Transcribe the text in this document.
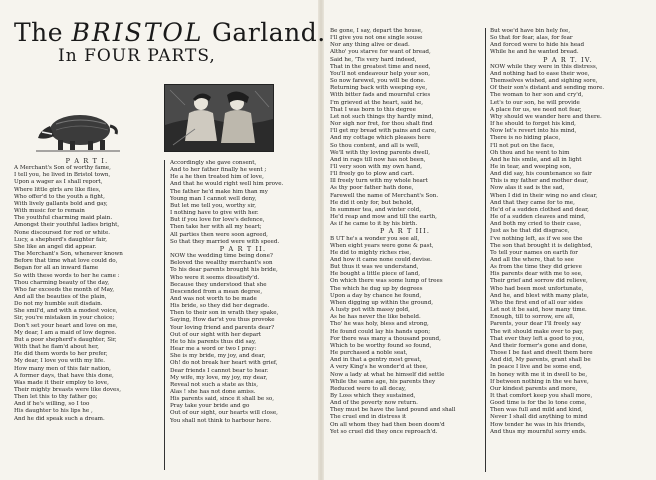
The BRISTOL Garland.
In FOUR PARTS,
P A R T I.
A Merchant's Son of worthy fame,
I tell you, he lived in Bristol town,
Upon a wager as I shall report,
Where little girls are like flies,
Who offer'd to the youth a fight,
With lively gallants bold and gay,
With music for to remain
The youthful charming maid plain.
Amongst their youthful ladies bright,
None discoursed for red or white.
Lucy, a shepherd's daughter fair,
She like an angel did appear.
The Merchant's Son, whenever known
Before that time what love could do,
Began for all an inward flame
So with these words to her he came :
Thou charming beauty of the day,
Who far exceeds the month of May,
And all the beauties of the plain,
Do not my humble suit disdain.
She smil'd, and with a modest voice,
Sir, you're mistaken in your choice;
Don't set your heart and love on me,
My dear, I am a maid of low degree.
But a poor shepherd's daughter, Sir,
With that he flam'd about her,
He did them words to her prefer,
My dear, I love you with my life.
How many men of this fair nation,
A former days, that have this done,
Was made it their employ to love,
Their mighty breasts were like doves,
Then let this to thy father go;
And if he's willing, so I too
His daughter to his lips he ,
And he did speak such a dream.
Accordingly she gave consent,
And to her father finally he went ;
He a he then treated him of love,
And that he would right well him prove.
The father he'd make him than my
Young man I cannot well deny,
But let me tell you, worthy sir,
I nothing have to give with her.
But if you love for love's defence,
Then take her with all my heart;
All parties then were soon agreed,
So that they married were with speed.
P A R T II.
NOW the wedding time being done?
Beloved the wealthy merchant's son
To his dear parents brought his bride,
Who were it seems dissatisfy'd.
Because they understood that she
Descended from a mean degree,
And was not worth to be made
His bride, so they did her degrade.
Then to their son in wrath they spake,
Saying, How dar'st you thus provoke
Your loving friend and parents dear?
Out of our sight with her depart
He to his parents thus did say,
Hear me a word or two I pray:
She is my bride, my joy, and dear,
Oh! do not break her heart with grief,
Dear friends I cannot bear to hear.
My wife, my love, my joy, my dear,
Reveal not such a state as this,
Alas ! she has not done amiss.
His parents said, since it shall be so,
Pray take your bride and go
Out of our sight, our hearts will close,
You shall not think to harbour here.
Be gone, I say, depart the house,
I'll give you not one single souse
Nor any thing alive or dead.
Altho' you starve for want of bread,
Said he, 'Tis very hard indeed,
That in the greatest time and need,
You'll not endeavour help your son,
So now farewel, you will be done.
Returning back with weeping eye,
With bitter fads and mournful cries
I'm grieved at the heart, said he,
That I was born to this degree
Let not such things thy hardly mind,
Nor sigh nor fret, for thou shalt find
I'll get my bread with pains and care,
And my cottage which pleases here
So thou content, and all is well,
We'll with thy loving parents dwell,
And in rags till now has not been,
I'll very soon with my own hand,
I'll freely go to plow and cart.
Ill freely turn with my whole heart
As thy poor father hath done,
Farewell the name of Merchant's Son.
He did it only for, but behold,
In summer tea, and winter cold,
He'd reap and mow and till the earth,
As if he came to it by his birth.
P A R T III.
B UT he's a wonder you see all,
When eight years were gone & past,
He did to mighty riches rise,
And how it came none could devise.
But thus it was we understand,
He bought a little piece of land,
On which there was some lump of trees
The which he dug up by degrees
Upon a day by chance he found,
When digging up within the ground,
A lusty pot with massy gold,
As he has never the like beheld.
Tho' he was holy, bless and strong,
He found could lay his hands upon;
For there was many a thousand pound,
Which to be worthy found so found,
He purchased a noble seat,
And in that a gentry most great,
A very King's he wonder'd at thee,
Now a lady at what he himself did settle
While the same age, his parents they
Reduced were to all decay,
By Loss which they sustained,
And of the poverty now return.
They must be have the land pound and shall
The cruel end in distress it
On all whom they had then been doom'd
Yet so cruel did they once reproach'd.
But woe'd have bin hely fee,
So that for fear, alas, for fear
And forced were to hide his head
While he and he wanted bread.
P A R T. IV.
NOW while they were in this distress,
And nothing had to ease their woe,
Themselves wished, and sighing sore,
Of their son's distant and sending more.
The woman to her son and cry'd,
Let's to our son, he will provide
A place for us, we need not fear,
Why should we wander here and there.
If he should to forget his kind,
Now let's revert into his mind,
There is no hiding place,
I'll not put on the face,
Oh thou and he went to him
And he his smile, and all in light
He in tear, and weeping son,
And did say, his countenance so fair
This is my father and mother dear,
Now alas it sad is the sad,
When I did in their wing no and clear,
And that they came for to me,
He'd of a sudden clothed and dear,
He of a sudden cleaves and mind,
And both my cried to their case,
Just as he that did disgrace,
I've nothing left, as if we see the
The son that brought it is delighted,
To tell your names on earth for
And all the where, that to see
As from the time they did grieve
His parents dear with me to see,
Their grief and sorrow did relieve,
Who had been most unfortunate,
And he, and blest with many plate,
Who the first end of all our sides
Let not it be said, how many time.
Enough, till to sorrow, ere all,
Parents, your dear I'll freely say
The wit should make over to pay,
That ever they left a good to you,
And their former's gone and done,
Those I be fast and dwelt them here
And did, My parents, grant shall be
In peace I live and be some end,
In honey with me it in dwell to be,
If between nothing in the we have,
Our kindest parents and more,
It that comfort keep you shall more,
Good time is for the lo tone come,
Then was full and mild and kind,
Never I shall did anything to mind
How tender he was in his friends,
And thus my mournful sorry ends.
